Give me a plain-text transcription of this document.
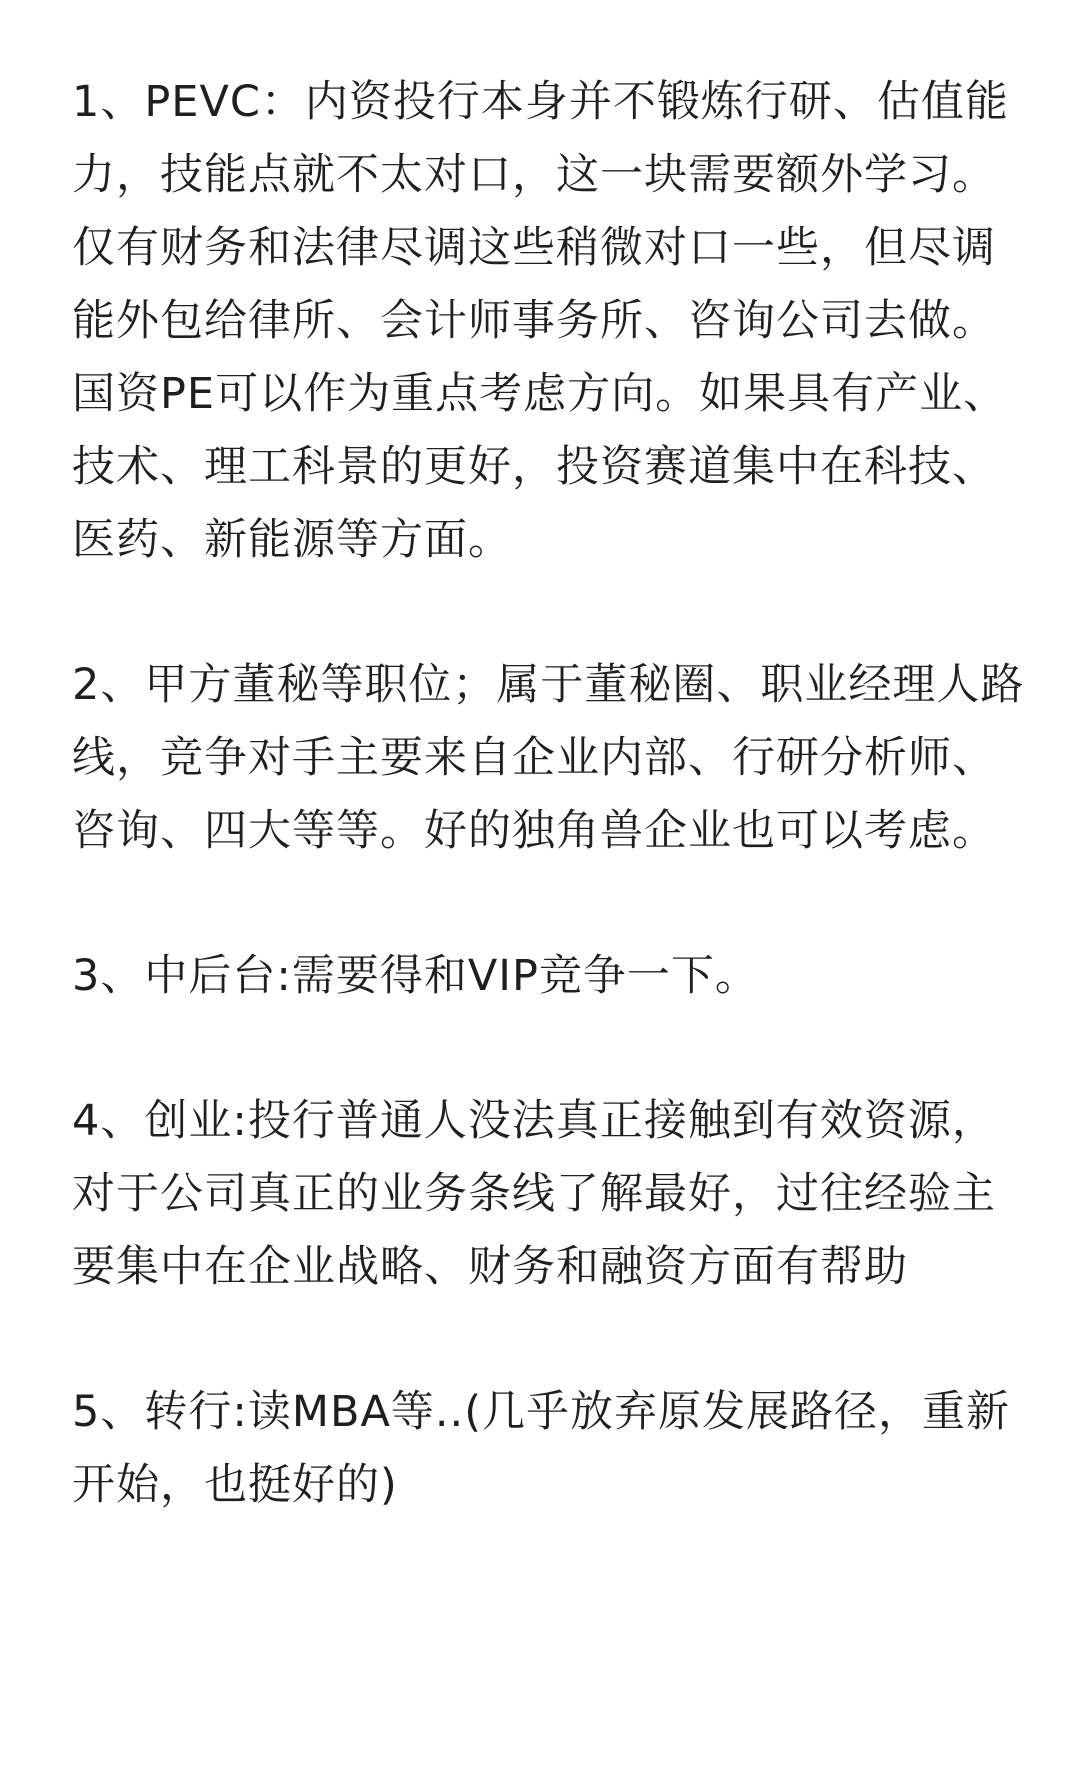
1、PEVC：内资投行本身并不锻炼行研、估值能力，技能点就不太对口，这一块需要额外学习。仅有财务和法律尽调这些稍微对口一些，但尽调能外包给律所、会计师事务所、咨询公司去做。国资PE可以作为重点考虑方向。如果具有产业、技术、理工科景的更好，投资赛道集中在科技、医药、新能源等方面。

2、甲方董秘等职位；属于董秘圈、职业经理人路线，竞争对手主要来自企业内部、行研分析师、咨询、四大等等。好的独角兽企业也可以考虑。

3、中后台:需要得和VIP竞争一下。

4、创业:投行普通人没法真正接触到有效资源，对于公司真正的业务条线了解最好，过往经验主要集中在企业战略、财务和融资方面有帮助

5、转行:读MBA等..(几乎放弃原发展路径，重新开始，也挺好的)
